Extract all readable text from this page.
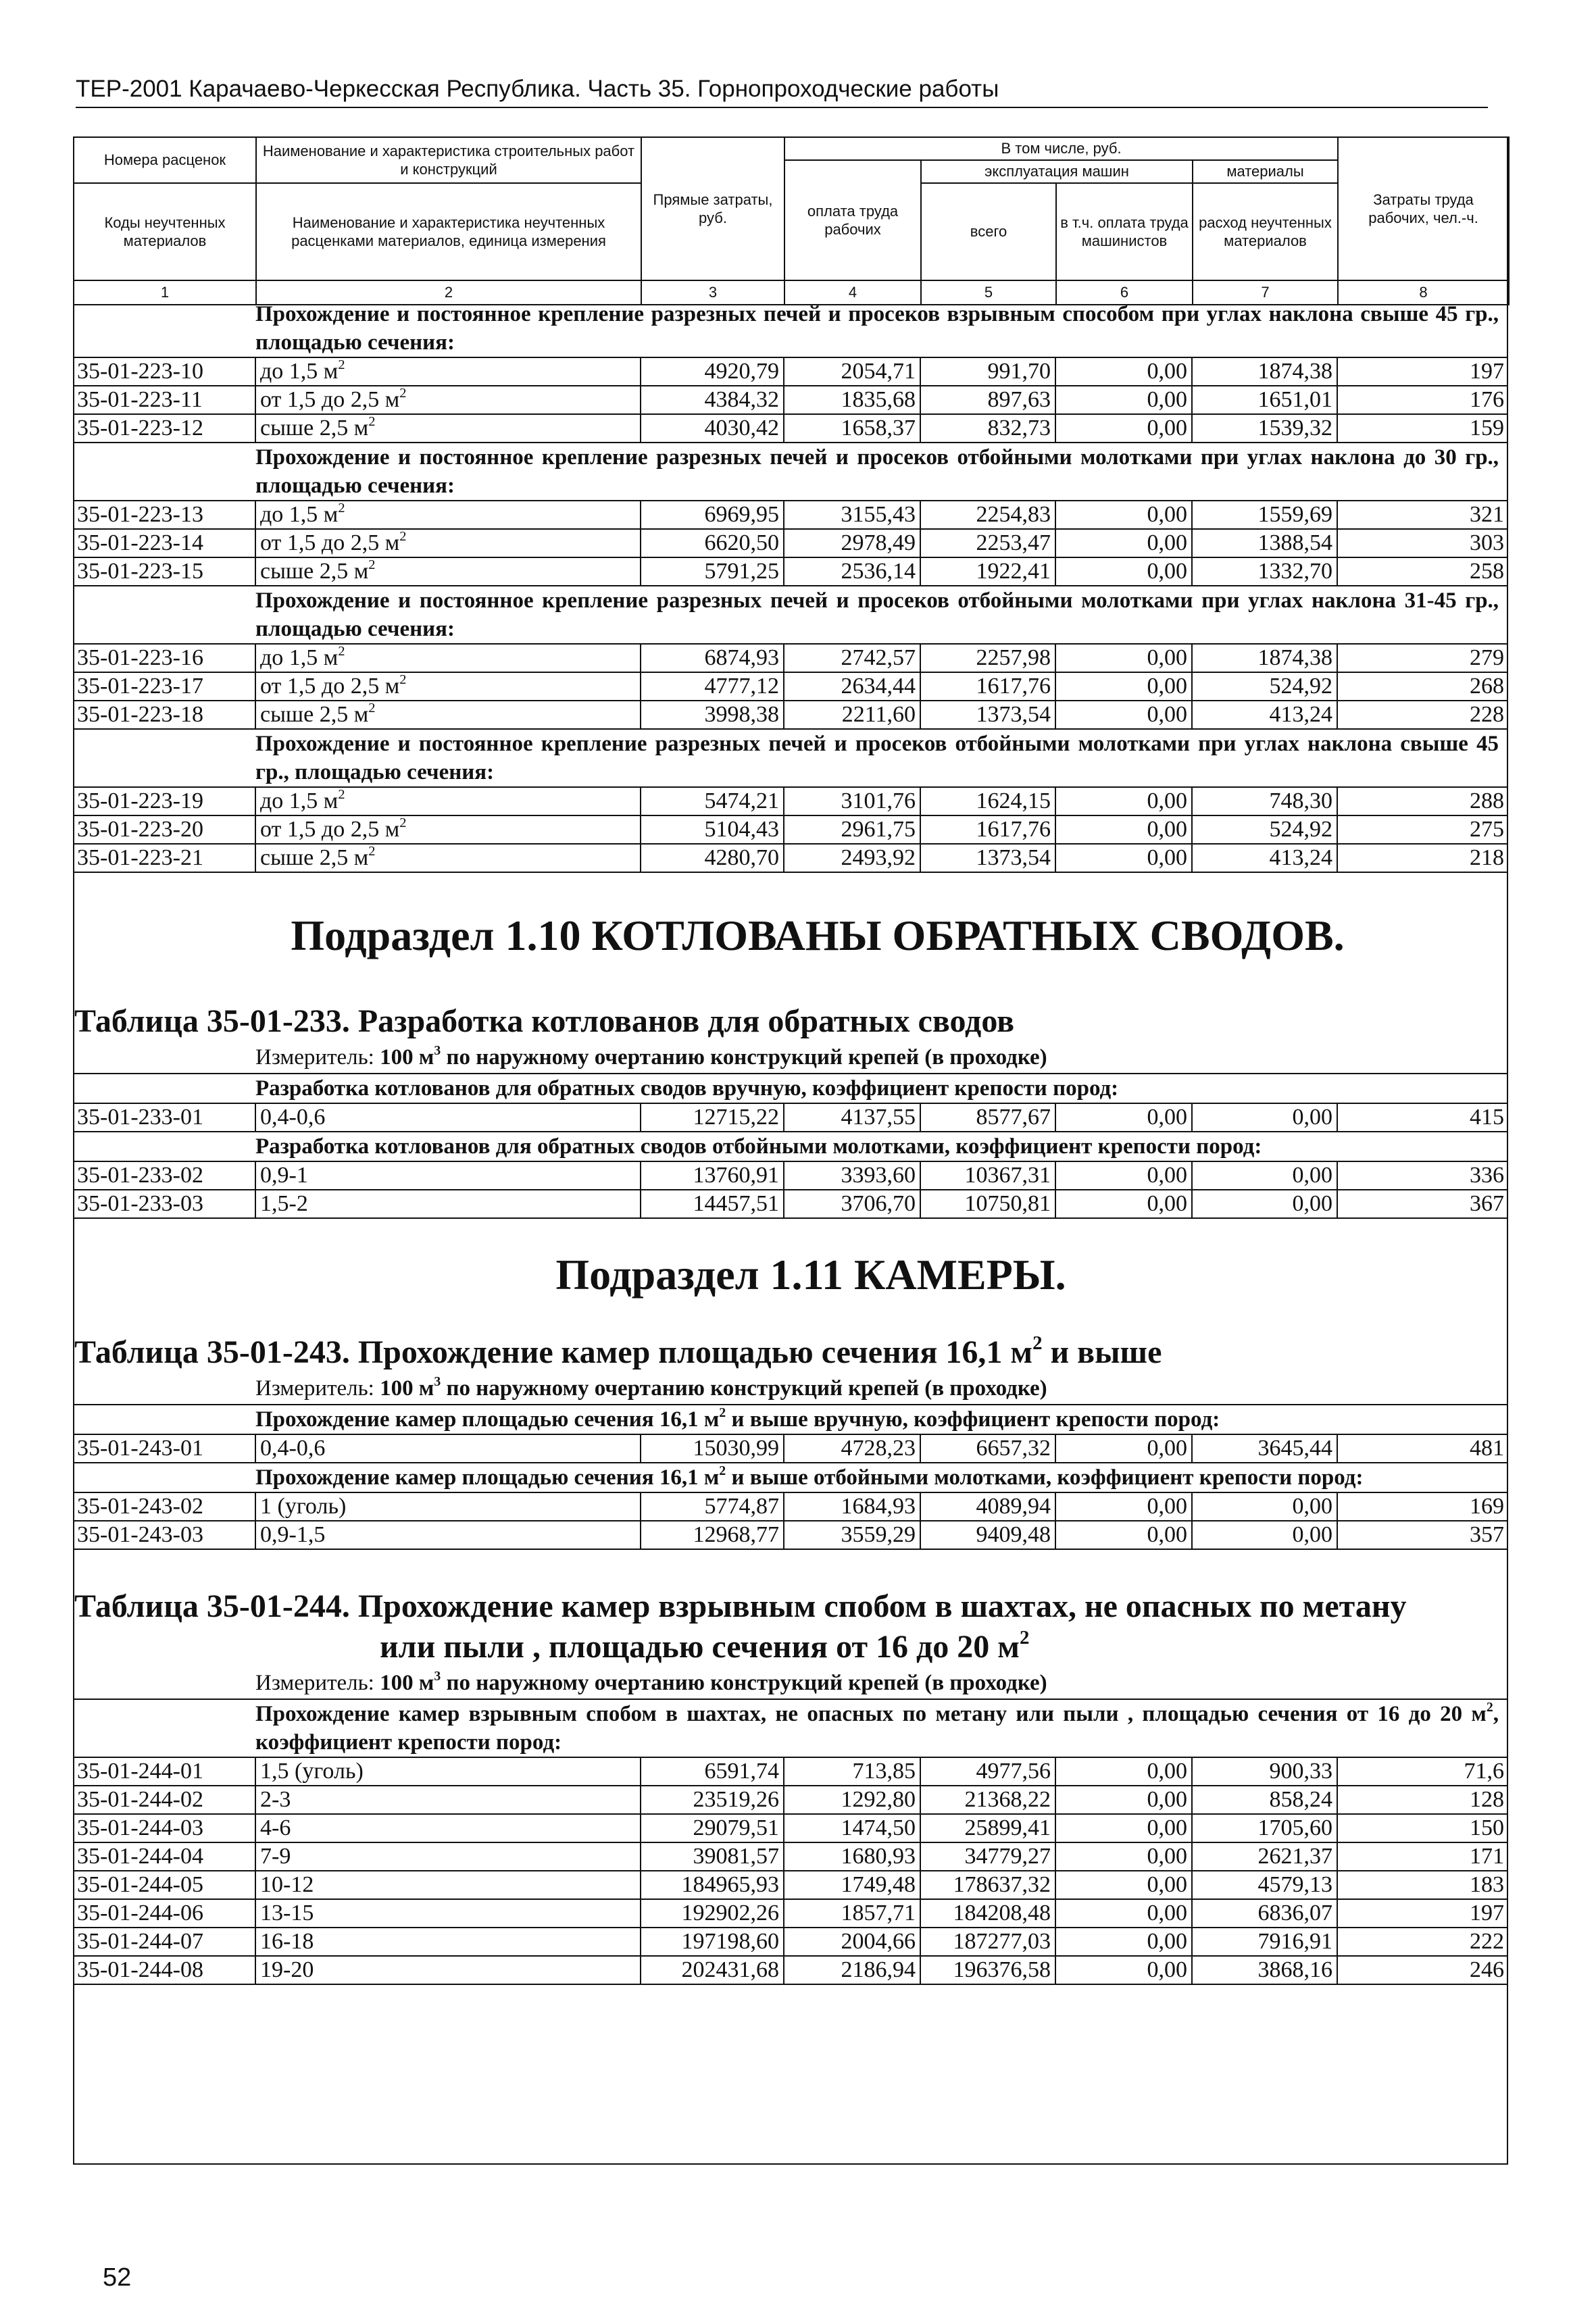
ТЕР-2001 Карачаево-Черкесская Республика. Часть 35. Горнопроходческие работы
Номера расценок	Наименование и характеристика строительных работ и конструкций	Прямые затраты, руб.	В том числе, руб.				Затраты труда рабочих, чел.-ч.
			оплата труда рабочих	эксплуатация машин		материалы	
Коды неучтенных материалов	Наименование и характеристика неучтенных расценками материалов, единица измерения			всего	в т.ч. оплата труда машинистов	расход неучтенных материалов	

1	2	3	4	5	6	7	8
Прохождение и постоянное крепление разрезных печей и просеков взрывным способом при углах наклона свыше 45 гр., площадью сечения:							
35-01-223-10	до 1,5 $м^2$	4920,79	2054,71	991,70	0,00	1874,38	197
35-01-223-11	от 1,5 до 2,5 $м^2$	4384,32	1835,68	897,63	0,00	1651,01	176
35-01-223-12	сыше 2,5 $м^2$	4030,42	1658,37	832,73	0,00	1539,32	159
Прохождение и постоянное крепление разрезных печей и просеков отбойными молотками при углах наклона до 30 гр., площадью сечения:							
35-01-223-13	до 1,5 $м^2$	6969,95	3155,43	2254,83	0,00	1559,69	321
35-01-223-14	от 1,5 до 2,5 $м^2$	6620,50	2978,49	2253,47	0,00	1388,54	303
35-01-223-15	сыше 2,5 $м^2$	5791,25	2536,14	1922,41	0,00	1332,70	258
Прохождение и постоянное крепление разрезных печей и просеков отбойными молотками при углах наклона 31-45 гр., площадью сечения:							
35-01-223-16	до 1,5 $м^2$	6874,93	2742,57	2257,98	0,00	1874,38	279
35-01-223-17	от 1,5 до 2,5 $м^2$	4777,12	2634,44	1617,76	0,00	524,92	268
35-01-223-18	сыше 2,5 $м^2$	3998,38	2211,60	1373,54	0,00	413,24	228
Прохождение и постоянное крепление разрезных печей и просеков отбойными молотками при углах наклона свыше 45 гр., площадью сечения:							
35-01-223-19	до 1,5 $м^2$	5474,21	3101,76	1624,15	0,00	748,30	288
35-01-223-20	от 1,5 до 2,5 $м^2$	5104,43	2961,75	1617,76	0,00	524,92	275
35-01-223-21	сыше 2,5 $м^2$	4280,70	2493,92	1373,54	0,00	413,24	218
Подраздел 1.10 КОТЛОВАНЫ ОБРАТНЫХ СВОДОВ.
Таблица 35-01-233. Разработка котлованов для обратных сводов
Измеритель: 100 $м^3$ по наружному очертанию конструкций крепей (в проходке)							
Разработка котлованов для обратных сводов вручную, коэффициент крепости пород:							
35-01-233-01	0,4-0,6	12715,22	4137,55	8577,67	0,00	0,00	415
Разработка котлованов для обратных сводов отбойными молотками, коэффициент крепости пород:							
35-01-233-02	0,9-1	13760,91	3393,60	10367,31	0,00	0,00	336
35-01-233-03	1,5-2	14457,51	3706,70	10750,81	0,00	0,00	367
Подраздел 1.11 КАМЕРЫ.
Таблица 35-01-243. Прохождение камер площадью сечения 16,1 $м^2$ и выше
Измеритель: 100 $м^3$ по наружному очертанию конструкций крепей (в проходке)							
Прохождение камер площадью сечения 16,1 $м^2$ и выше вручную, коэффициент крепости пород:							
35-01-243-01	0,4-0,6	15030,99	4728,23	6657,32	0,00	3645,44	481
Прохождение камер площадью сечения 16,1 $м^2$ и выше отбойными молотками, коэффициент крепости пород:							
35-01-243-02	1 (уголь)	5774,87	1684,93	4089,94	0,00	0,00	169
35-01-243-03	0,9-1,5	12968,77	3559,29	9409,48	0,00	0,00	357
Таблица 35-01-244. Прохождение камер взрывным спобом в шахтах, не опасных по метану
или пыли , площадью сечения от 16 до 20 $м^2$
Измеритель: 100 $м^3$ по наружному очертанию конструкций крепей (в проходке)							
Прохождение камер взрывным спобом в шахтах, не опасных по метану или пыли , площадью сечения от 16 до 20 $м^2$, коэффициент крепости пород:							
35-01-244-01	1,5 (уголь)	6591,74	713,85	4977,56	0,00	900,33	71,6
35-01-244-02	2-3	23519,26	1292,80	21368,22	0,00	858,24	128
35-01-244-03	4-6	29079,51	1474,50	25899,41	0,00	1705,60	150
35-01-244-04	7-9	39081,57	1680,93	34779,27	0,00	2621,37	171
35-01-244-05	10-12	184965,93	1749,48	178637,32	0,00	4579,13	183
35-01-244-06	13-15	192902,26	1857,71	184208,48	0,00	6836,07	197
35-01-244-07	16-18	197198,60	2004,66	187277,03	0,00	7916,91	222
35-01-244-08	19-20	202431,68	2186,94	196376,58	0,00	3868,16	246
52
